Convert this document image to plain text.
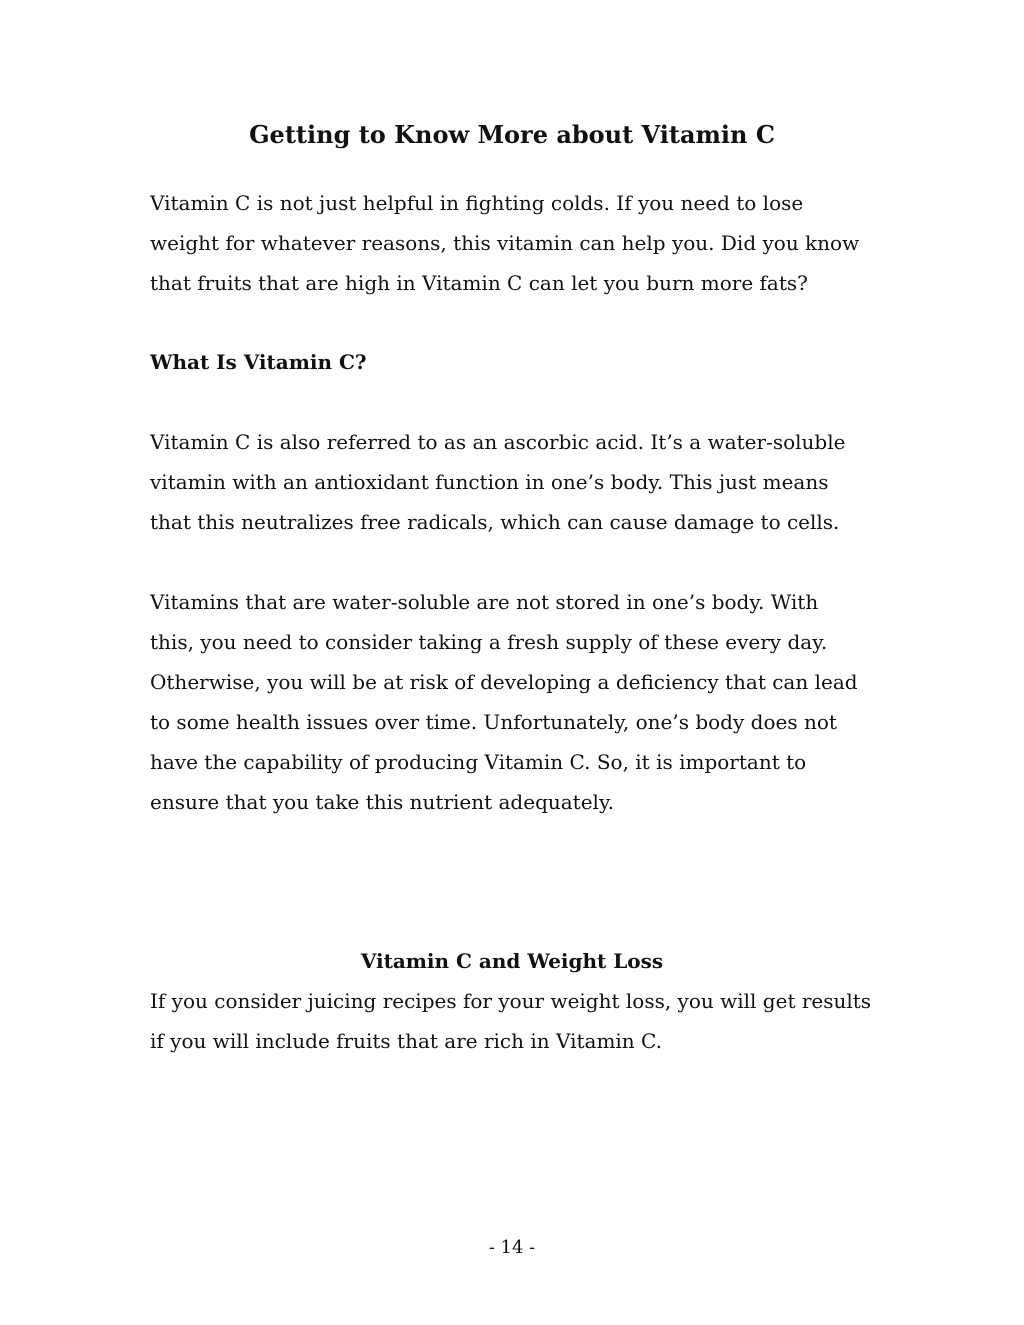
Getting to Know More about Vitamin C

Vitamin C is not just helpful in fighting colds. If you need to lose
weight for whatever reasons, this vitamin can help you. Did you know
that fruits that are high in Vitamin C can let you burn more fats?

What Is Vitamin C?

Vitamin C is also referred to as an ascorbic acid. It’s a water-soluble
vitamin with an antioxidant function in one’s body. This just means
that this neutralizes free radicals, which can cause damage to cells.

Vitamins that are water-soluble are not stored in one’s body. With
this, you need to consider taking a fresh supply of these every day.
Otherwise, you will be at risk of developing a deficiency that can lead
to some health issues over time. Unfortunately, one’s body does not
have the capability of producing Vitamin C. So, it is important to
ensure that you take this nutrient adequately.

Vitamin C and Weight Loss

If you consider juicing recipes for your weight loss, you will get results
if you will include fruits that are rich in Vitamin C.

- 14 -
